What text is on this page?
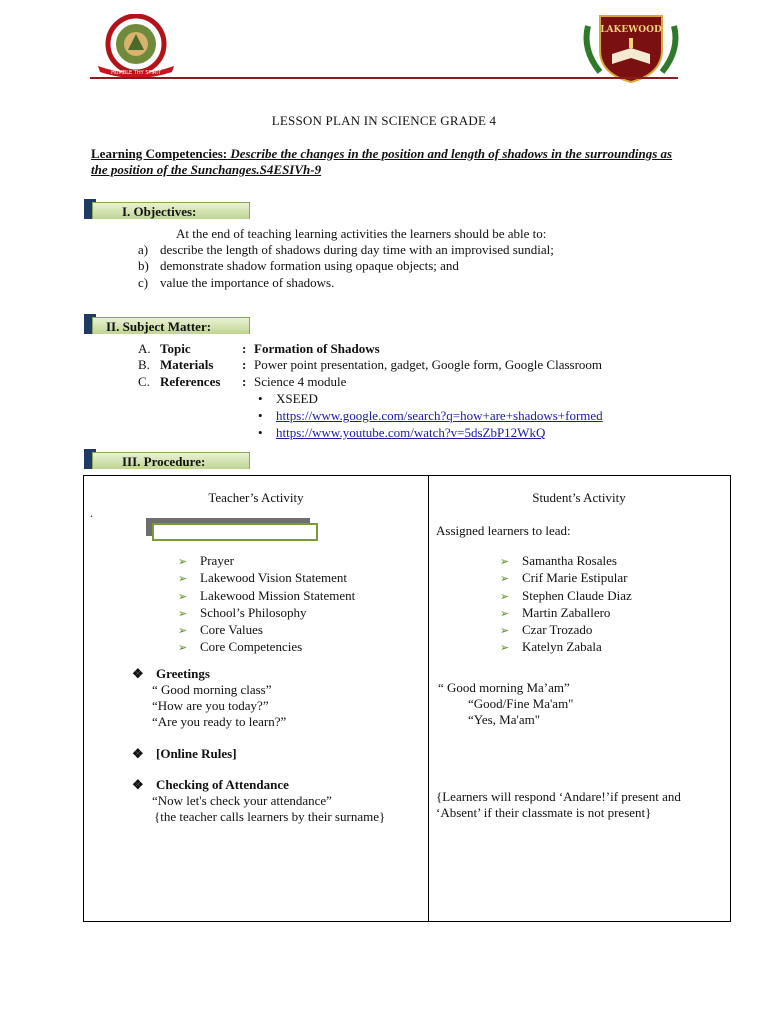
HUMBLE THY SPIRIT
LAKEWOOD
LESSON PLAN IN SCIENCE GRADE 4
Learning Competencies: Describe the changes in the position and length of shadows in the surroundings as the position of the Sunchanges.S4ESIVh-9
I. Objectives:
At the end of teaching learning activities the learners should be able to:
a) describe the length of shadows during day time with an improvised sundial;
b) demonstrate shadow formation using opaque objects; and
c) value the importance of shadows.
II. Subject Matter:
A. Topic	: Formation of Shadows
B. Materials : Power point presentation, gadget, Google form, Google Classroom
C. References : Science 4 module
• XSEED
• https://www.google.com/search?q=how+are+shadows+formed
• https://www.youtube.com/watch?v=5dsZbP12WkQ
III. Procedure:
Teacher’s Activity	Student’s Activity
.
➢ Prayer
➢ Lakewood Vision Statement
➢ Lakewood Mission Statement
➢ School’s Philosophy
➢ Core Values
➢ Core Competencies
Assigned learners to lead:
➢ Samantha Rosales
➢ Crif Marie Estipular
➢ Stephen Claude Diaz
➢ Martin Zaballero
➢ Czar Trozado
➢ Katelyn Zabala
❖ Greetings
“ Good morning class”
“How are you today?”
“Are you ready to learn?”
“ Good morning Ma’am”
“Good/Fine Ma'am"
“Yes, Ma'am"
❖ [Online Rules]
❖ Checking of Attendance
“Now let's check your attendance”
{the teacher calls learners by their surname}
{Learners will respond ‘Andare!’if present and
‘Absent’ if their classmate is not present}
